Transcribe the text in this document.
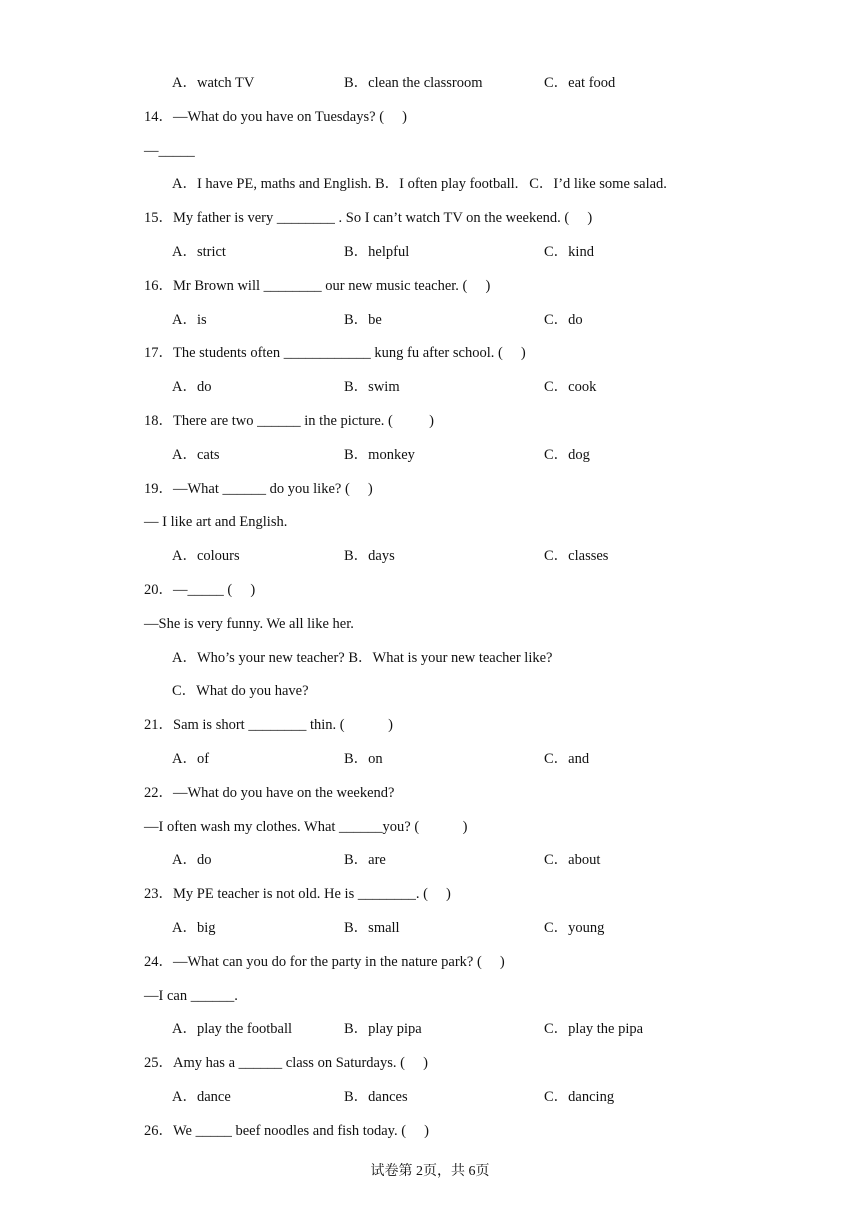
A．watch TV	B．clean the classroom	C．eat food
14．—What do you have on Tuesdays? (     )
—_____
A．I have PE, maths and English. B．I often play football.   C．I’d like some salad.
15．My father is very ________ . So I can’t watch TV on the weekend. (     )
A．strict	B．helpful	C．kind
16．Mr Brown will ________ our new music teacher. (     )
A．is	B．be	C．do
17．The students often ____________ kung fu after school. (     )
A．do	B．swim	C．cook
18．There are two ______ in the picture. (          )
A．cats	B．monkey	C．dog
19．—What ______ do you like? (     )
— I like art and English.
A．colours	B．days	C．classes
20．—_____ (     )
—She is very funny. We all like her.
A．Who’s your new teacher? B．What is your new teacher like?
C．What do you have?
21．Sam is short ________ thin. (            )
A．of	B．on	C．and
22．—What do you have on the weekend?
—I often wash my clothes. What ______you? (            )
A．do	B．are	C．about
23．My PE teacher is not old. He is ________. (     )
A．big	B．small	C．young
24．—What can you do for the party in the nature park? (     )
—I can ______.
A．play the football	B．play pipa	C．play the pipa
25．Amy has a ______ class on Saturdays. (     )
A．dance	B．dances	C．dancing
26．We _____ beef noodles and fish today. (     )
试卷第 2页，共 6页
